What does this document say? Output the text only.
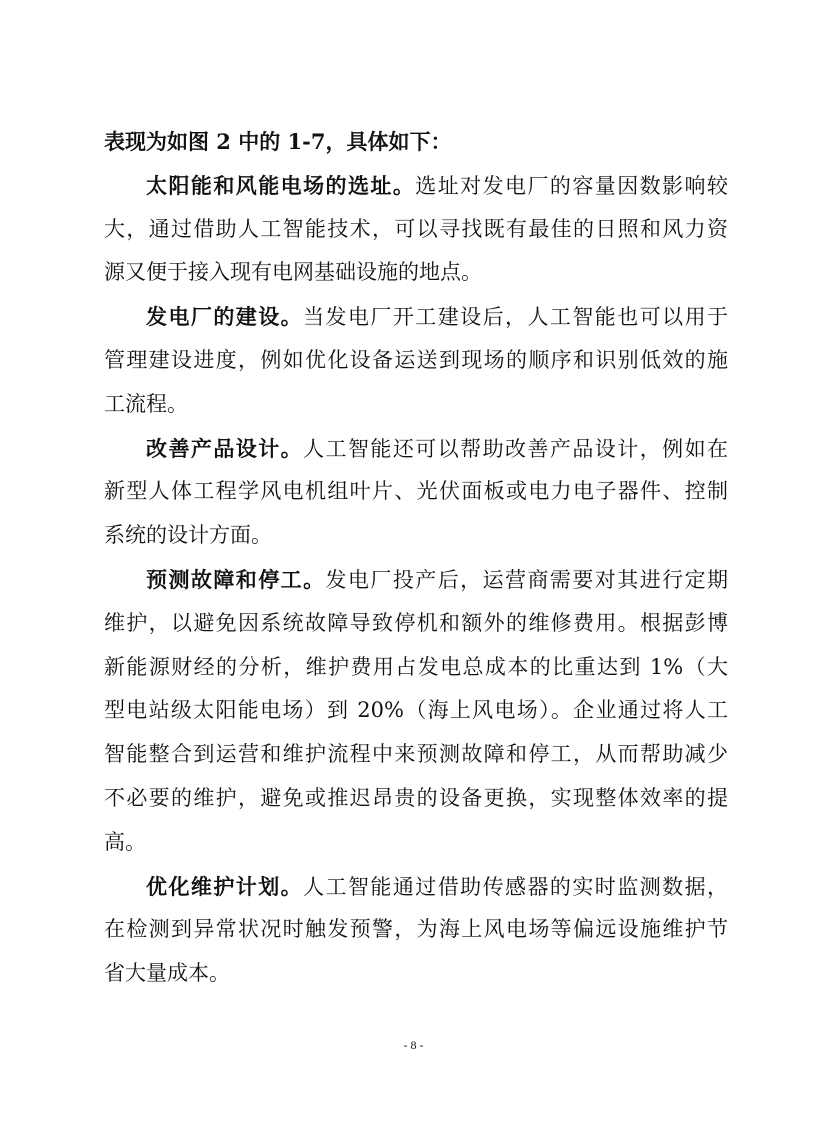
表现为如图 2 中的 1-7，具体如下：
太阳能和风能电场的选址。选址对发电厂的容量因数影响较
大，通过借助人工智能技术，可以寻找既有最佳的日照和风力资
源又便于接入现有电网基础设施的地点。
发电厂的建设。当发电厂开工建设后，人工智能也可以用于
管理建设进度，例如优化设备运送到现场的顺序和识别低效的施
工流程。
改善产品设计。人工智能还可以帮助改善产品设计，例如在
新型人体工程学风电机组叶片、光伏面板或电力电子器件、控制
系统的设计方面。
预测故障和停工。发电厂投产后，运营商需要对其进行定期
维护，以避免因系统故障导致停机和额外的维修费用。根据彭博
新能源财经的分析，维护费用占发电总成本的比重达到 1%（大
型电站级太阳能电场）到 20%（海上风电场）。企业通过将人工
智能整合到运营和维护流程中来预测故障和停工，从而帮助减少
不必要的维护，避免或推迟昂贵的设备更换，实现整体效率的提
高。
优化维护计划。人工智能通过借助传感器的实时监测数据，
在检测到异常状况时触发预警，为海上风电场等偏远设施维护节
省大量成本。
- 8 -
